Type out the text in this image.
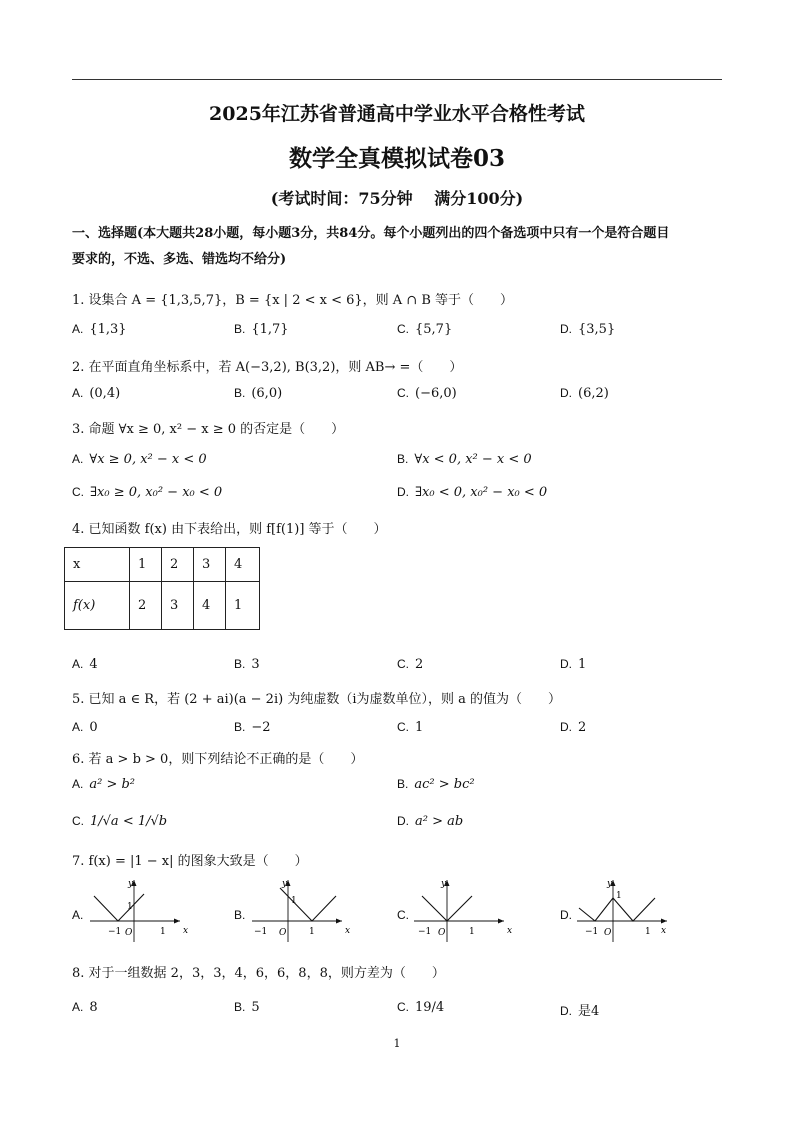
2025年江苏省普通高中学业水平合格性考试
数学全真模拟试卷03
(考试时间：75分钟　 满分100分)
一、选择题(本大题共28小题，每小题3分，共84分。每个小题列出的四个备选项中只有一个是符合题目
要求的，不选、多选、错选均不给分)
1. 设集合 A = {1,3,5,7}，B = {x | 2 < x < 6}，则 A ∩ B 等于（　　）
A. {1,3}	B. {1,7}	C. {5,7}	D. {3,5}
2. 在平面直角坐标系中，若 A(−3,2), B(3,2)，则 AB→ =（　　）
A. (0,4)	B. (6,0)	C. (−6,0)	D. (6,2)
3. 命题 ∀x ≥ 0, x² − x ≥ 0 的否定是（　　）
A. ∀x ≥ 0, x² − x < 0	B. ∀x < 0, x² − x < 0
C. ∃x₀ ≥ 0, x₀² − x₀ < 0	D. ∃x₀ < 0, x₀² − x₀ < 0
4. 已知函数 f(x) 由下表给出，则 f[f(1)] 等于（　　）
x	1	2	3	4
f(x)	2	3	4	1
A. 4	B. 3	C. 2	D. 1
5. 已知 a ∈ R，若 (2 + ai)(a − 2i) 为纯虚数（i为虚数单位），则 a 的值为（　　）
A. 0	B. −2	C. 1	D. 2
6. 若 a > b > 0，则下列结论不正确的是（　　）
A. a² > b²	B. ac² > bc²
C. 1/√a < 1/√b	D. a² > ab
7. f(x) = |1 − x| 的图象大致是（　　）
A.	B.	C.	D.
y
x
1
−1 O	1
y
x
1
−1 O	1
y
x
−1 O	1
y
x
1
−1 O	1
8. 对于一组数据 2，3，3，4，6，6，8，8，则方差为（　　）
A. 8	B. 5	C. 19/4	D. 是4
1
